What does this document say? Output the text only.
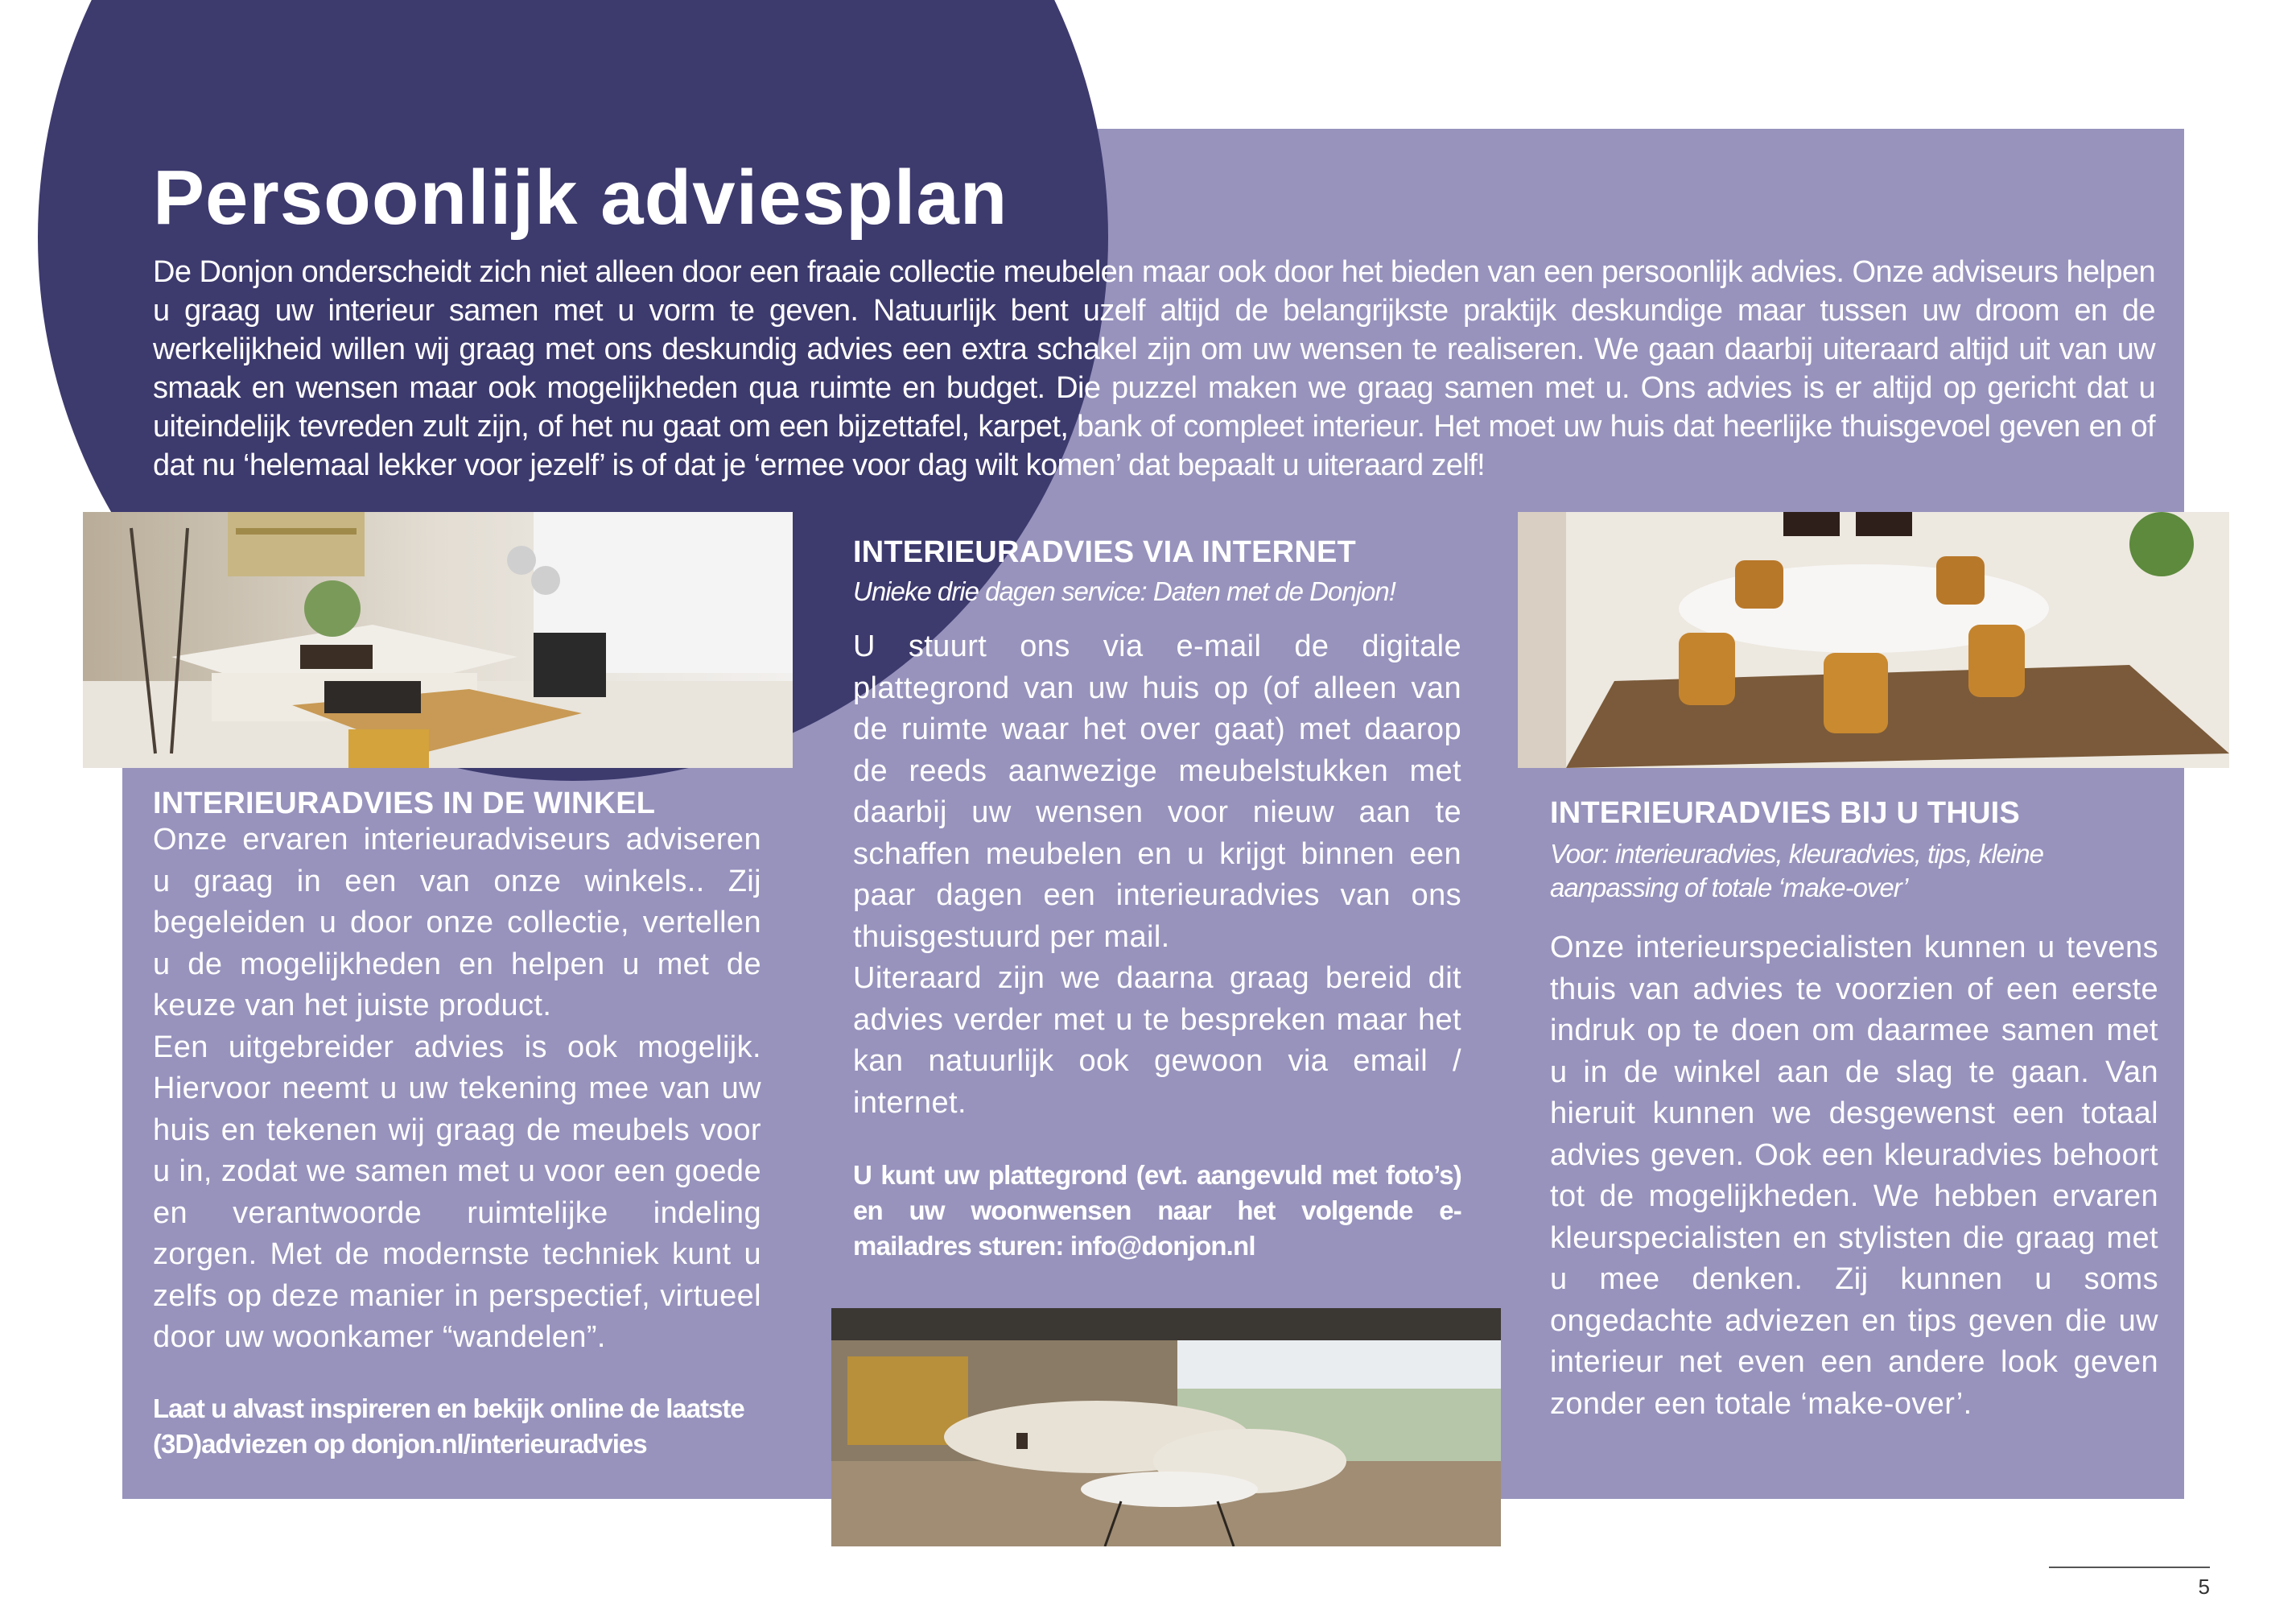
Persoonlijk adviesplan

De Donjon onderscheidt zich niet alleen door een fraaie collectie meubelen maar ook door het bieden van een persoonlijk advies. Onze adviseurs helpen u graag uw interieur samen met u vorm te geven. Natuurlijk bent uzelf altijd de belangrijkste praktijk deskundige maar tussen uw droom en de werkelijkheid willen wij graag met ons deskundig advies een extra schakel zijn om uw wensen te realiseren. We gaan daarbij uiteraard altijd uit van uw smaak en wensen maar ook mogelijkheden qua ruimte en budget. Die puzzel maken we graag samen met u. Ons advies is er altijd op gericht dat u uiteindelijk tevreden zult zijn, of het nu gaat om een bijzettafel, karpet, bank of compleet interieur. Het moet uw huis dat heerlijke thuisgevoel geven en of dat nu ‘helemaal lekker voor jezelf’ is of dat je ‘ermee voor dag wilt komen’ dat bepaalt u uiteraard zelf!

INTERIEURADVIES IN DE WINKEL

Onze ervaren interieuradviseurs adviseren u graag in een van onze winkels.. Zij begeleiden u door onze collectie, vertellen u de mogelijkheden en helpen u met de keuze van het juiste product.
Een uitgebreider advies is ook mogelijk. Hiervoor neemt u uw tekening mee van uw huis en tekenen wij graag de meubels voor u in, zodat we samen met u voor een goede en verantwoorde ruimtelijke indeling zorgen. Met de modernste techniek kunt u zelfs op deze manier in perspectief, virtueel door uw woonkamer “wandelen”.

Laat u alvast inspireren en bekijk online de laatste (3D)adviezen op donjon.nl/interieuradvies

INTERIEURADVIES VIA INTERNET

Unieke drie dagen service: Daten met de Donjon!

U stuurt ons via e-mail de digitale plattegrond van uw huis op (of alleen van de ruimte waar het over gaat) met daarop de reeds aanwezige meubelstukken met daarbij uw wensen voor nieuw aan te schaffen meubelen en u krijgt binnen een paar dagen een interieuradvies van ons thuisgestuurd per mail.
Uiteraard zijn we daarna graag bereid dit advies verder met u te bespreken maar het kan natuurlijk ook gewoon via email / internet.

U kunt uw plattegrond (evt. aangevuld met foto’s) en uw woonwensen naar het volgende e-mailadres sturen: info@donjon.nl

INTERIEURADVIES BIJ U THUIS

Voor: interieuradvies, kleuradvies, tips, kleine aanpassing of totale ‘make-over’

Onze interieurspecialisten kunnen u tevens thuis van advies te voorzien of een eerste indruk op te doen om daarmee samen met u in de winkel aan de slag te gaan. Van hieruit kunnen we desgewenst een totaal advies geven. Ook een kleuradvies behoort tot de mogelijkheden. We hebben ervaren kleurspecialisten en stylisten die graag met u mee denken. Zij kunnen u soms ongedachte adviezen en tips geven die uw interieur net even een andere look geven zonder een totale ‘make-over’.

5
